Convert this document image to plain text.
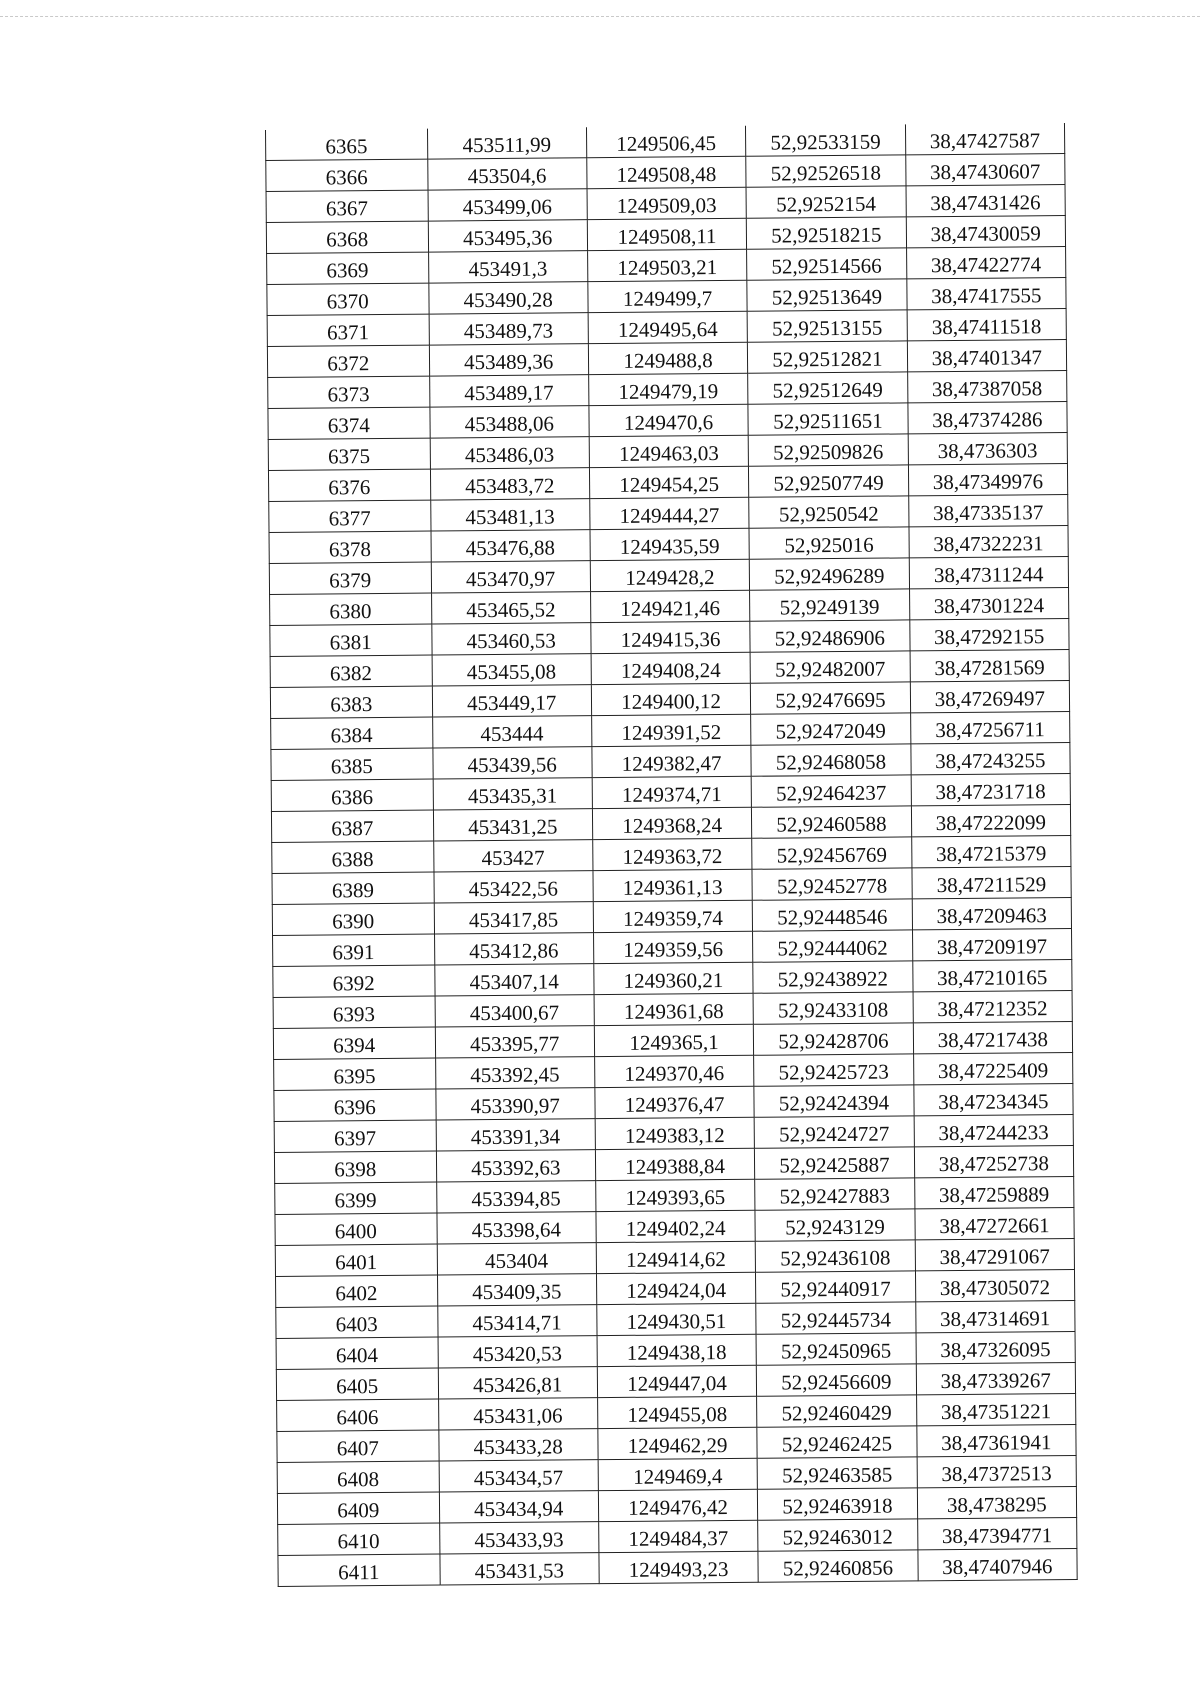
6365	453511,99	1249506,45	52,92533159	38,47427587
6366	453504,6	1249508,48	52,92526518	38,47430607
6367	453499,06	1249509,03	52,9252154	38,47431426
6368	453495,36	1249508,11	52,92518215	38,47430059
6369	453491,3	1249503,21	52,92514566	38,47422774
6370	453490,28	1249499,7	52,92513649	38,47417555
6371	453489,73	1249495,64	52,92513155	38,47411518
6372	453489,36	1249488,8	52,92512821	38,47401347
6373	453489,17	1249479,19	52,92512649	38,47387058
6374	453488,06	1249470,6	52,92511651	38,47374286
6375	453486,03	1249463,03	52,92509826	38,4736303
6376	453483,72	1249454,25	52,92507749	38,47349976
6377	453481,13	1249444,27	52,9250542	38,47335137
6378	453476,88	1249435,59	52,925016	38,47322231
6379	453470,97	1249428,2	52,92496289	38,47311244
6380	453465,52	1249421,46	52,9249139	38,47301224
6381	453460,53	1249415,36	52,92486906	38,47292155
6382	453455,08	1249408,24	52,92482007	38,47281569
6383	453449,17	1249400,12	52,92476695	38,47269497
6384	453444	1249391,52	52,92472049	38,47256711
6385	453439,56	1249382,47	52,92468058	38,47243255
6386	453435,31	1249374,71	52,92464237	38,47231718
6387	453431,25	1249368,24	52,92460588	38,47222099
6388	453427	1249363,72	52,92456769	38,47215379
6389	453422,56	1249361,13	52,92452778	38,47211529
6390	453417,85	1249359,74	52,92448546	38,47209463
6391	453412,86	1249359,56	52,92444062	38,47209197
6392	453407,14	1249360,21	52,92438922	38,47210165
6393	453400,67	1249361,68	52,92433108	38,47212352
6394	453395,77	1249365,1	52,92428706	38,47217438
6395	453392,45	1249370,46	52,92425723	38,47225409
6396	453390,97	1249376,47	52,92424394	38,47234345
6397	453391,34	1249383,12	52,92424727	38,47244233
6398	453392,63	1249388,84	52,92425887	38,47252738
6399	453394,85	1249393,65	52,92427883	38,47259889
6400	453398,64	1249402,24	52,9243129	38,47272661
6401	453404	1249414,62	52,92436108	38,47291067
6402	453409,35	1249424,04	52,92440917	38,47305072
6403	453414,71	1249430,51	52,92445734	38,47314691
6404	453420,53	1249438,18	52,92450965	38,47326095
6405	453426,81	1249447,04	52,92456609	38,47339267
6406	453431,06	1249455,08	52,92460429	38,47351221
6407	453433,28	1249462,29	52,92462425	38,47361941
6408	453434,57	1249469,4	52,92463585	38,47372513
6409	453434,94	1249476,42	52,92463918	38,4738295
6410	453433,93	1249484,37	52,92463012	38,47394771
6411	453431,53	1249493,23	52,92460856	38,47407946
